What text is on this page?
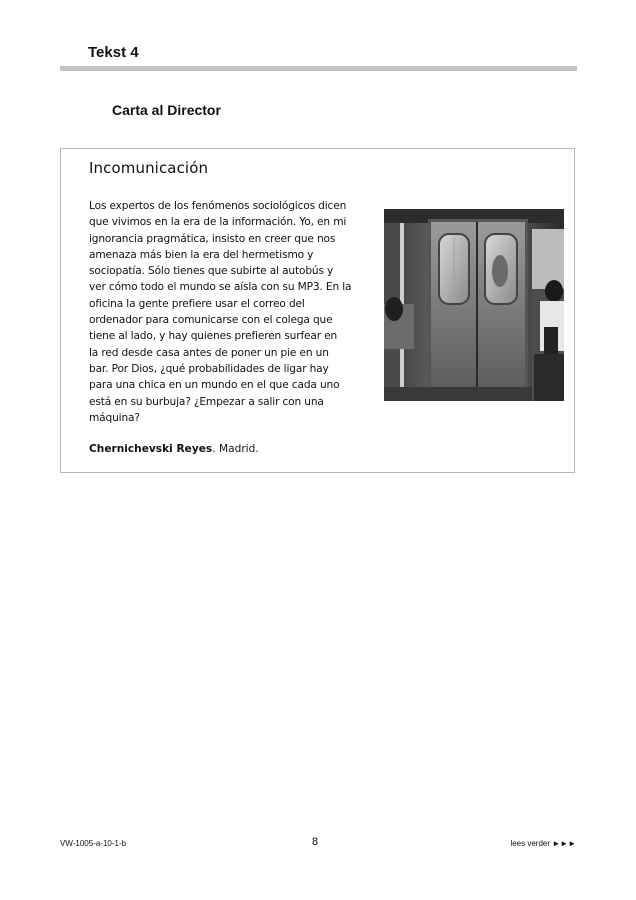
Tekst 4
Carta al Director
Incomunicación
Los expertos de los fenómenos sociológicos dicen
que vivimos en la era de la información. Yo, en mi
ignorancia pragmática, insisto en creer que nos
amenaza más bien la era del hermetismo y
sociopatía. Sólo tienes que subirte al autobús y
ver cómo todo el mundo se aísla con su MP3. En la
oficina la gente prefiere usar el correo del
ordenador para comunicarse con el colega que
tiene al lado, y hay quienes prefieren surfear en
la red desde casa antes de poner un pie en un
bar. Por Dios, ¿qué probabilidades de ligar hay
para una chica en un mundo en el que cada uno
está en su burbuja? ¿Empezar a salir con una
máquina?
Chernichevski Reyes. Madrid.
VW-1005-a-10-1-b	8	lees verder ►►►
